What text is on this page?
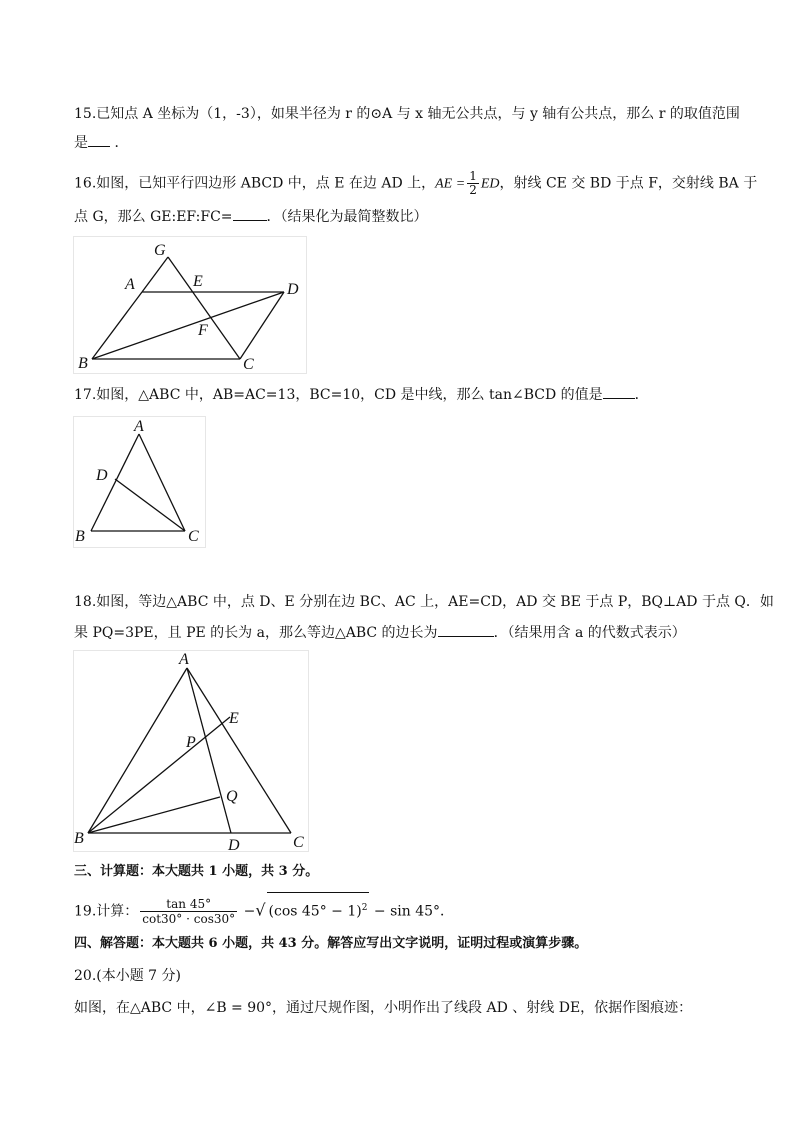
15.已知点 A 坐标为（1，-3），如果半径为 r 的⊙A 与 x 轴无公共点，与 y 轴有公共点，那么 r 的取值范围
是 ．
16.如图，已知平行四边形 ABCD 中，点 E 在边 AD 上，AE = $\frac{1}{2}$ ED，射线 CE 交 BD 于点 F，交射线 BA 于
点 G，那么 GE:EF:FC= ．（结果化为最简整数比）
G
A	E	D
F
B	C
17.如图，△ABC 中，AB=AC=13，BC=10，CD 是中线，那么 tan∠BCD 的值是 ．
A
D
B	C
18.如图，等边△ABC 中，点 D、E 分别在边 BC、AC 上，AE=CD，AD 交 BE 于点 P，BQ⊥AD 于点 Q．如
果 PQ=3PE，且 PE 的长为 a，那么等边△ABC 的边长为	．（结果用含 a 的代数式表示）
A
E
P
Q
B	D	C
三、计算题：本大题共 1 小题，共 3 分。
19.计算： $\frac{\tan 45^\circ}{\cot 30^\circ \cdot \cos 30^\circ}$ −√ (cos 45° − 1)$^2$ − sin 45°．
四、解答题：本大题共 6 小题，共 43 分。解答应写出文字说明，证明过程或演算步骤。
20.(本小题 7 分)
如图，在△ABC 中，∠B = 90°，通过尺规作图，小明作出了线段 AD 、射线 DE，依据作图痕迹：
